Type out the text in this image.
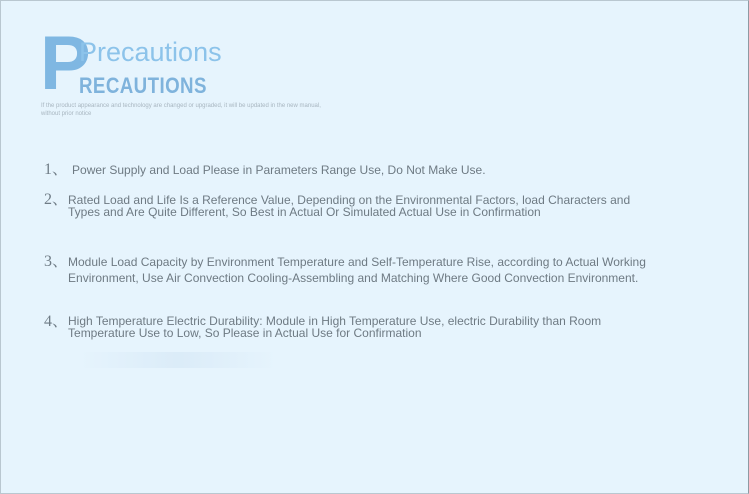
P
Precautions
RECAUTIONS
If the product appearance and technology are changed or upgraded, it will be updated in the new manual, without prior notice
1、 Power Supply and Load Please in Parameters Range Use, Do Not Make Use.
2、 Rated Load and Life Is a Reference Value, Depending on the Environmental Factors, load Characters and Types and Are Quite Different, So Best in Actual Or Simulated Actual Use in Confirmation
3、 Module Load Capacity by Environment Temperature and Self-Temperature Rise, according to Actual Working Environment, Use Air Convection Cooling-Assembling and Matching Where Good Convection Environment.
4、 High Temperature Electric Durability: Module in High Temperature Use, electric Durability than Room Temperature Use to Low, So Please in Actual Use for Confirmation
